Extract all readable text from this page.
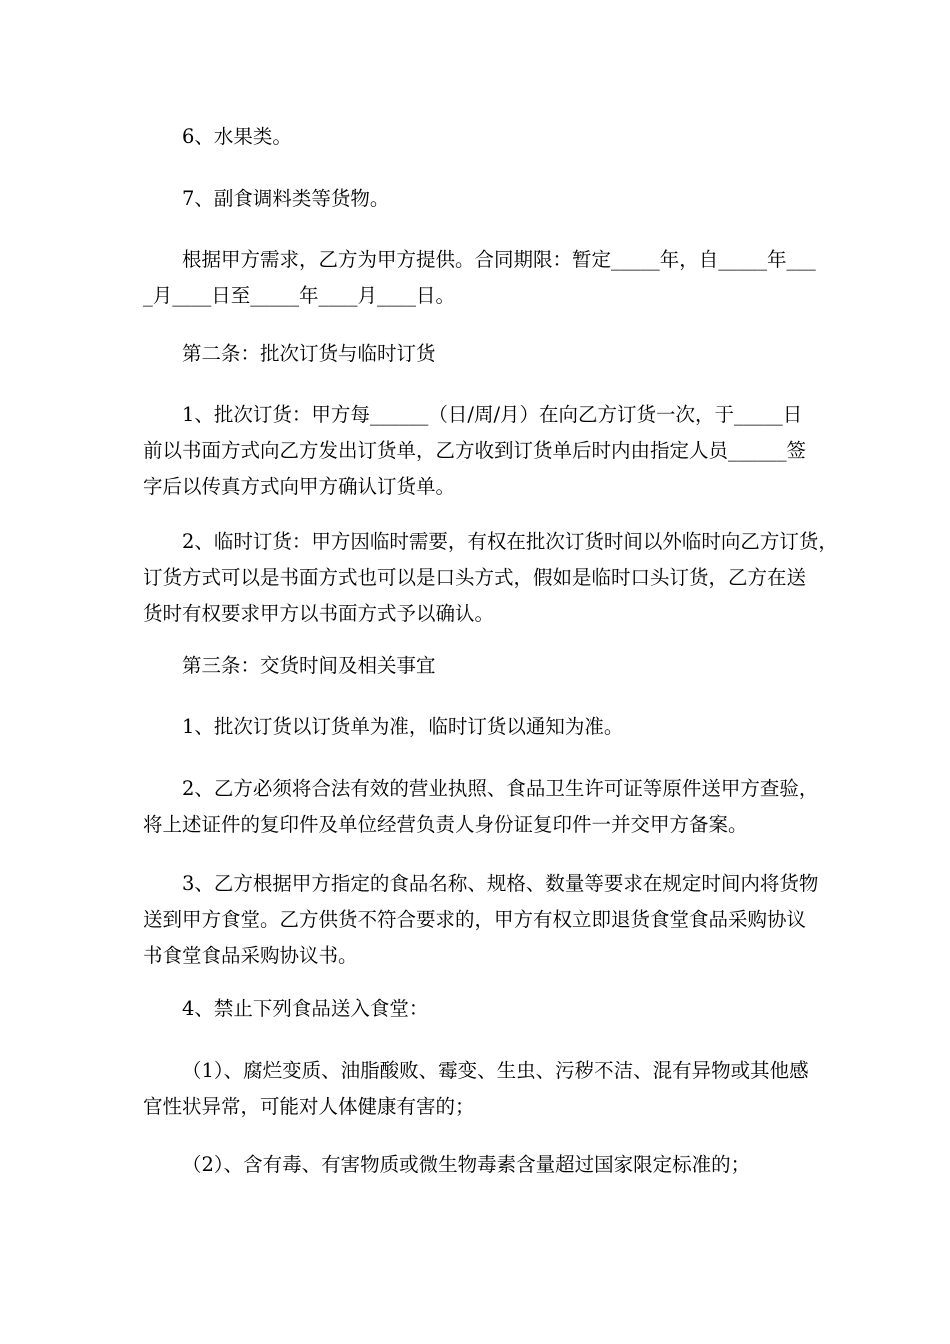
6、水果类。

7、副食调料类等货物。

根据甲方需求，乙方为甲方提供。合同期限：暂定_____年，自_____年___
_月____日至_____年____月____日。

第二条：批次订货与临时订货

1、批次订货：甲方每______（日/周/月）在向乙方订货一次，于_____日
前以书面方式向乙方发出订货单，乙方收到订货单后时内由指定人员______签
字后以传真方式向甲方确认订货单。

2、临时订货：甲方因临时需要，有权在批次订货时间以外临时向乙方订货，
订货方式可以是书面方式也可以是口头方式，假如是临时口头订货，乙方在送
货时有权要求甲方以书面方式予以确认。

第三条：交货时间及相关事宜

1、批次订货以订货单为准，临时订货以通知为准。

2、乙方必须将合法有效的营业执照、食品卫生许可证等原件送甲方查验，
将上述证件的复印件及单位经营负责人身份证复印件一并交甲方备案。

3、乙方根据甲方指定的食品名称、规格、数量等要求在规定时间内将货物
送到甲方食堂。乙方供货不符合要求的，甲方有权立即退货食堂食品采购协议
书食堂食品采购协议书。

4、禁止下列食品送入食堂：

（1）、腐烂变质、油脂酸败、霉变、生虫、污秽不洁、混有异物或其他感
官性状异常，可能对人体健康有害的；

（2）、含有毒、有害物质或微生物毒素含量超过国家限定标准的；
